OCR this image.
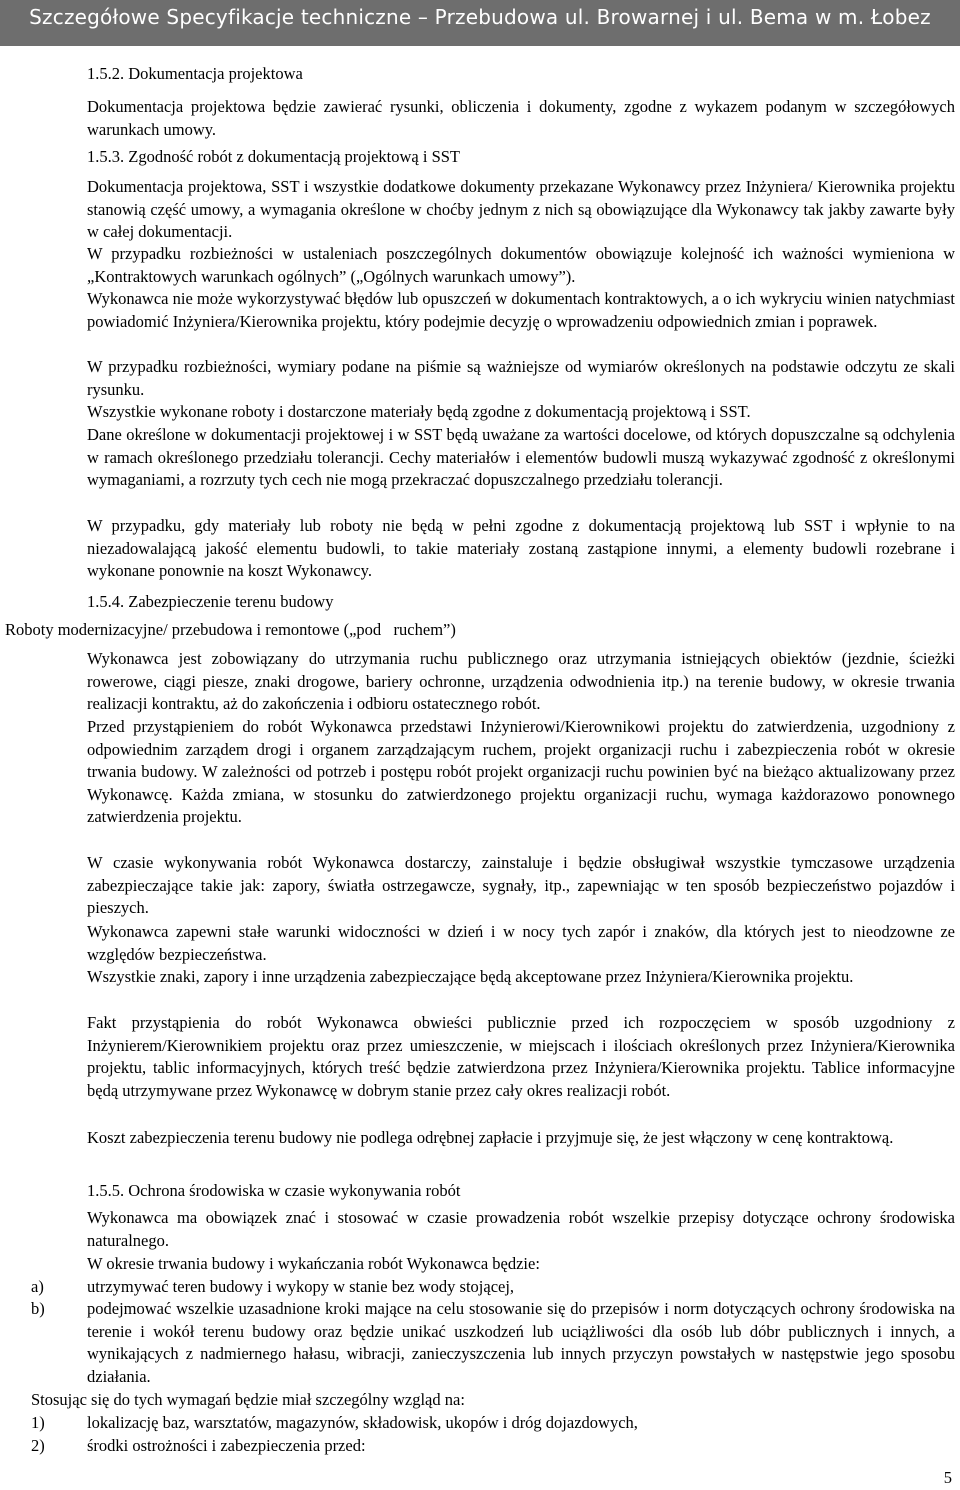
Szczegółowe Specyfikacje techniczne – Przebudowa ul. Browarnej i ul. Bema w m. Łobez
1.5.2. Dokumentacja projektowa
Dokumentacja projektowa będzie zawierać rysunki, obliczenia i dokumenty, zgodne z wykazem podanym w szczegółowych warunkach umowy.
1.5.3. Zgodność robót z dokumentacją projektową i SST
Dokumentacja projektowa, SST i wszystkie dodatkowe dokumenty przekazane Wykonawcy przez Inżyniera/ Kierownika projektu stanowią część umowy, a wymagania określone w choćby jednym z nich są obowiązujące dla Wykonawcy tak jakby zawarte były w całej dokumentacji.
W przypadku rozbieżności w ustaleniach poszczególnych dokumentów obowiązuje kolejność ich ważności wymieniona w „Kontraktowych warunkach ogólnych” („Ogólnych warunkach umowy”).
Wykonawca nie może wykorzystywać błędów lub opuszczeń w dokumentach kontraktowych, a o ich wykryciu winien natychmiast powiadomić Inżyniera/Kierownika projektu, który podejmie decyzję o wprowadzeniu odpowiednich zmian i poprawek.
W przypadku rozbieżności, wymiary podane na piśmie są ważniejsze od wymiarów określonych na podstawie odczytu ze skali rysunku.
Wszystkie wykonane roboty i dostarczone materiały będą zgodne z dokumentacją projektową i SST.
Dane określone w dokumentacji projektowej i w SST będą uważane za wartości docelowe, od których dopuszczalne są odchylenia w ramach określonego przedziału tolerancji. Cechy materiałów i elementów budowli muszą wykazywać zgodność z określonymi wymaganiami, a rozrzuty tych cech nie mogą przekraczać dopuszczalnego przedziału tolerancji.
W przypadku, gdy materiały lub roboty nie będą w pełni zgodne z dokumentacją projektową lub SST i wpłynie to na niezadowalającą jakość elementu budowli, to takie materiały zostaną zastąpione innymi, a elementy budowli rozebrane i wykonane ponownie na koszt Wykonawcy.
1.5.4. Zabezpieczenie terenu budowy
Roboty modernizacyjne/ przebudowa i remontowe („pod   ruchem”)
Wykonawca jest zobowiązany do utrzymania ruchu publicznego oraz utrzymania istniejących obiektów (jezdnie, ścieżki rowerowe, ciągi piesze, znaki drogowe, bariery ochronne, urządzenia odwodnienia itp.) na terenie budowy, w okresie trwania realizacji kontraktu, aż do zakończenia i odbioru ostatecznego robót.
Przed przystąpieniem do robót Wykonawca przedstawi Inżynierowi/Kierownikowi projektu do zatwierdzenia, uzgodniony z odpowiednim zarządem drogi i organem zarządzającym ruchem, projekt organizacji ruchu i zabezpieczenia robót w okresie trwania budowy. W zależności od potrzeb i postępu robót projekt organizacji ruchu powinien być na bieżąco aktualizowany przez Wykonawcę. Każda zmiana, w stosunku do zatwierdzonego projektu organizacji ruchu, wymaga każdorazowo ponownego zatwierdzenia projektu.
W czasie wykonywania robót Wykonawca dostarczy, zainstaluje i będzie obsługiwał wszystkie tymczasowe urządzenia zabezpieczające takie jak: zapory, światła ostrzegawcze, sygnały, itp., zapewniając w ten sposób bezpieczeństwo pojazdów i pieszych.
Wykonawca zapewni stałe warunki widoczności w dzień i w nocy tych zapór i znaków, dla których jest to nieodzowne ze względów bezpieczeństwa.
Wszystkie znaki, zapory i inne urządzenia zabezpieczające będą akceptowane przez Inżyniera/Kierownika projektu.
Fakt przystąpienia do robót Wykonawca obwieści publicznie przed ich rozpoczęciem w sposób uzgodniony z Inżynierem/Kierownikiem projektu oraz przez umieszczenie, w miejscach i ilościach określonych przez Inżyniera/Kierownika projektu, tablic informacyjnych, których treść będzie zatwierdzona przez Inżyniera/Kierownika projektu. Tablice informacyjne będą utrzymywane przez Wykonawcę w dobrym stanie przez cały okres realizacji robót.
Koszt zabezpieczenia terenu budowy nie podlega odrębnej zapłacie i przyjmuje się, że jest włączony w cenę kontraktową.
1.5.5. Ochrona środowiska w czasie wykonywania robót
Wykonawca ma obowiązek znać i stosować w czasie prowadzenia robót wszelkie przepisy dotyczące ochrony środowiska naturalnego.
W okresie trwania budowy i wykańczania robót Wykonawca będzie:
a)	utrzymywać teren budowy i wykopy w stanie bez wody stojącej,
b)	podejmować wszelkie uzasadnione kroki mające na celu stosowanie się do przepisów i norm dotyczących ochrony środowiska na terenie i wokół terenu budowy oraz będzie unikać uszkodzeń lub uciążliwości dla osób lub dóbr publicznych i innych, a wynikających z nadmiernego hałasu, wibracji, zanieczyszczenia lub innych przyczyn powstałych w następstwie jego sposobu działania.
Stosując się do tych wymagań będzie miał szczególny wzgląd na:
1)	lokalizację baz, warsztatów, magazynów, składowisk, ukopów i dróg dojazdowych,
2)	środki ostrożności i zabezpieczenia przed:
5
